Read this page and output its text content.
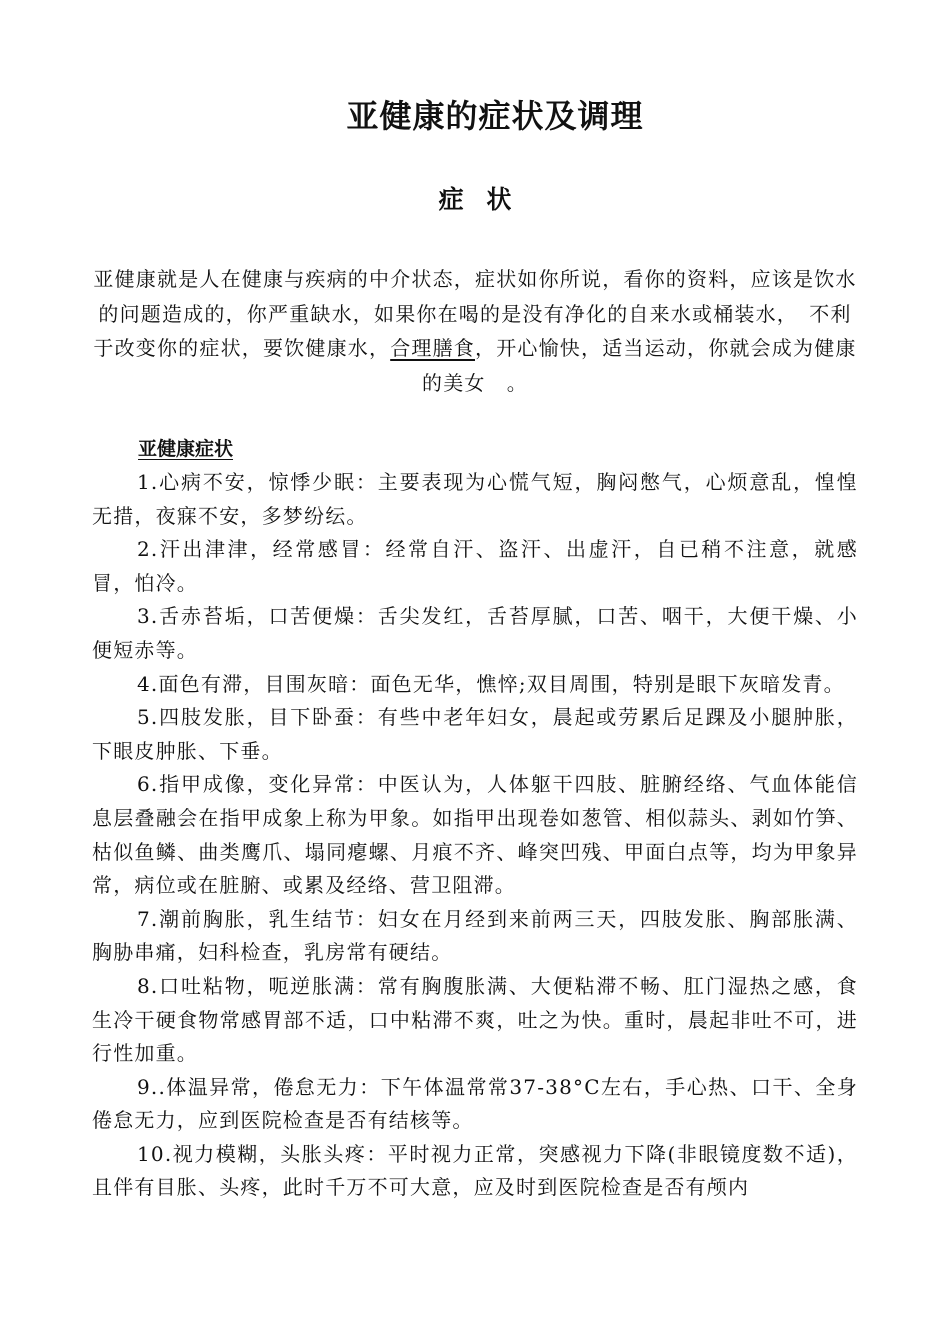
亚健康的症状及调理
症 状

亚健康就是人在健康与疾病的中介状态，症状如你所说，看你的资料，应该是饮水的问题造成的，你严重缺水，如果你在喝的是没有净化的自来水或桶装水，　不利于改变你的症状，要饮健康水，合理膳食，开心愉快，适当运动，你就会成为健康的美女　。

亚健康症状
1.心病不安，惊悸少眠：主要表现为心慌气短，胸闷憋气，心烦意乱，惶惶无措，夜寐不安，多梦纷纭。
2.汗出津津，经常感冒：经常自汗、盗汗、出虚汗，自已稍不注意，就感冒，怕冷。
3.舌赤苔垢，口苦便燥：舌尖发红，舌苔厚腻，口苦、咽干，大便干燥、小便短赤等。
4.面色有滞，目围灰暗：面色无华，憔悴;双目周围，特别是眼下灰暗发青。
5.四肢发胀，目下卧蚕：有些中老年妇女，晨起或劳累后足踝及小腿肿胀，下眼皮肿胀、下垂。
6.指甲成像，变化异常：中医认为，人体躯干四肢、脏腑经络、气血体能信息层叠融会在指甲成象上称为甲象。如指甲出现卷如葱管、相似蒜头、剥如竹笋、枯似鱼鳞、曲类鹰爪、塌同瘪螺、月痕不齐、峰突凹残、甲面白点等，均为甲象异常，病位或在脏腑、或累及经络、营卫阻滞。
7.潮前胸胀，乳生结节：妇女在月经到来前两三天，四肢发胀、胸部胀满、胸胁串痛，妇科检查，乳房常有硬结。
8.口吐粘物，呃逆胀满：常有胸腹胀满、大便粘滞不畅、肛门湿热之感，食生冷干硬食物常感胃部不适，口中粘滞不爽，吐之为快。重时，晨起非吐不可，进行性加重。
9..体温异常，倦怠无力：下午体温常常37-38°C左右，手心热、口干、全身倦怠无力，应到医院检查是否有结核等。
10.视力模糊，头胀头疼：平时视力正常，突感视力下降(非眼镜度数不适)，且伴有目胀、头疼，此时千万不可大意，应及时到医院检查是否有颅内
